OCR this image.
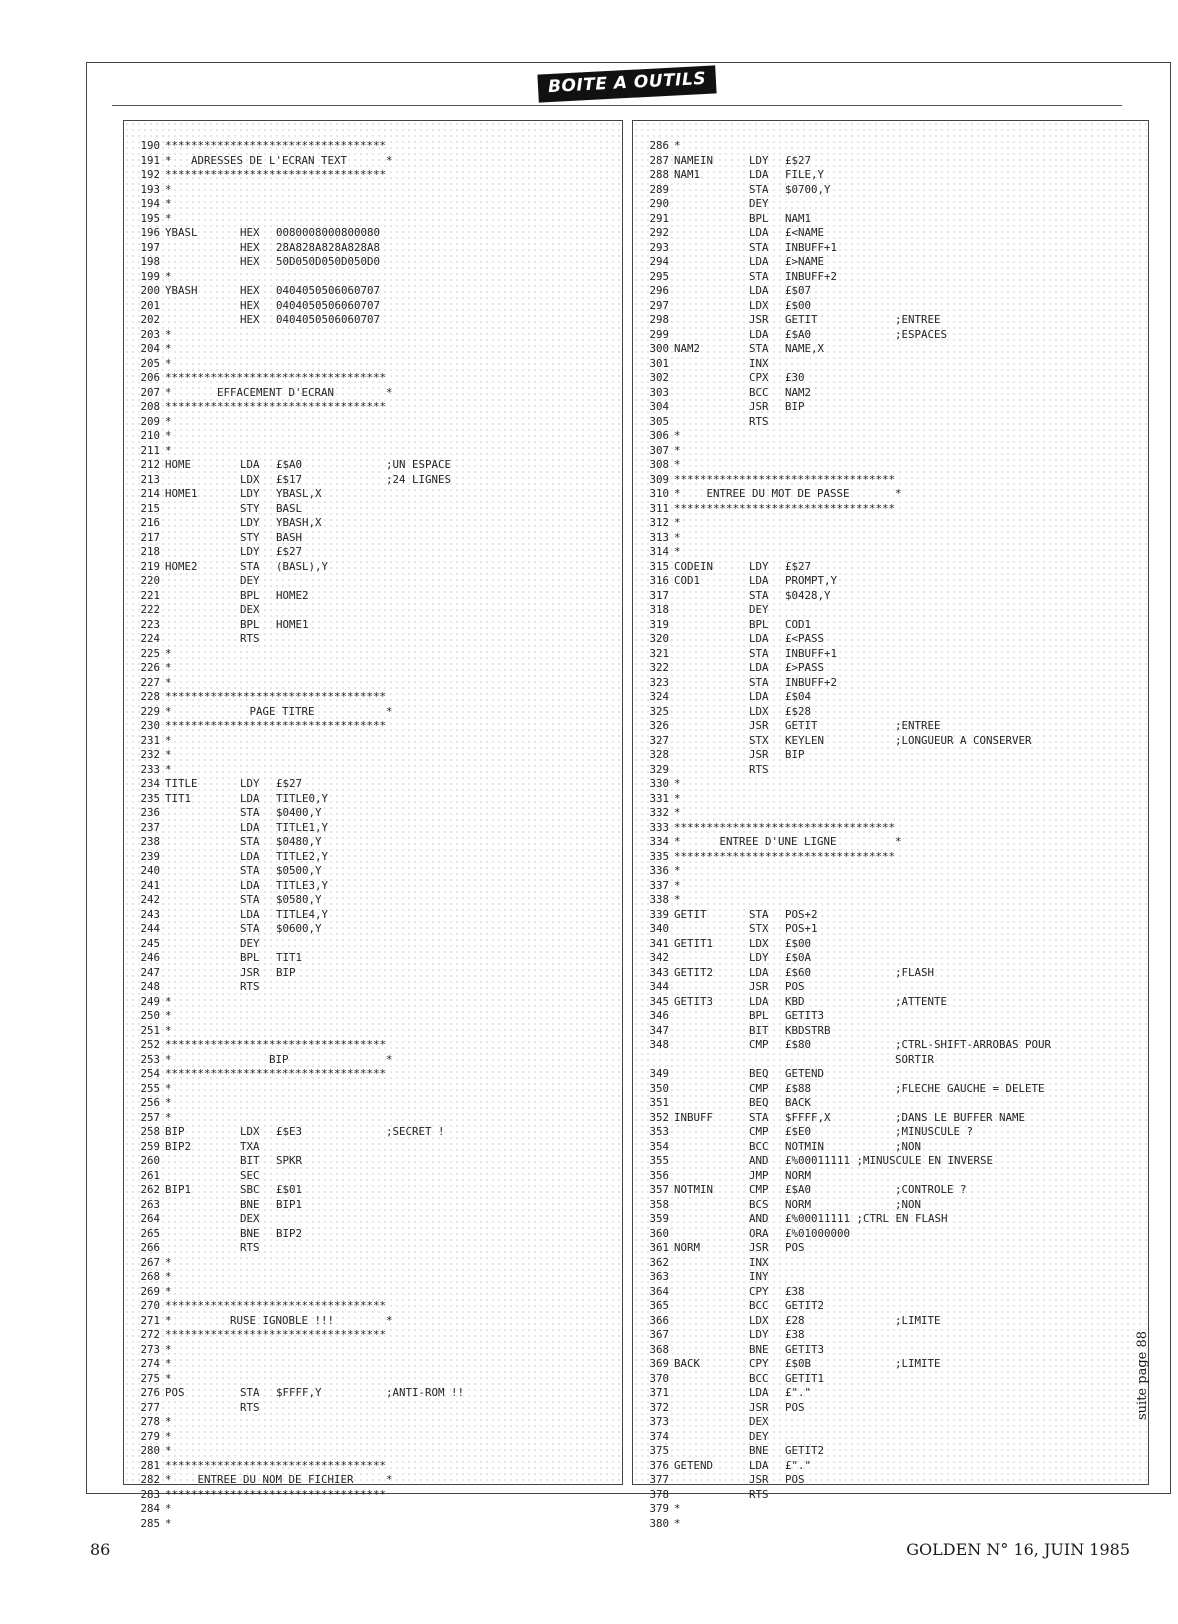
BOITE A OUTILS
190 **********************************
191 *   ADRESSES DE L'ECRAN TEXT      *
192 **********************************
193 *
194 *
195 *
196 YBASL	HEX 0080008000800080
197	HEX 28A828A828A828A8
198	HEX 50D050D050D050D0
199 *
200 YBASH	HEX 0404050506060707
201	HEX 0404050506060707
202	HEX 0404050506060707
203 *
204 *
205 *
206 **********************************
207 *       EFFACEMENT D'ECRAN        *
208 **********************************
209 *
210 *
211 *
212 HOME	LDA £$A0	;UN ESPACE
213	LDX £$17	;24 LIGNES
214 HOME1	LDY YBASL,X
215	STY BASL
216	LDY YBASH,X
217	STY BASH
218	LDY £$27
219 HOME2	STA (BASL),Y
220	DEY
221	BPL HOME2
222	DEX
223	BPL HOME1
224	RTS
225 *
226 *
227 *
228 **********************************
229 *            PAGE TITRE           *
230 **********************************
231 *
232 *
233 *
234 TITLE	LDY £$27
235 TIT1	LDA TITLE0,Y
236	STA $0400,Y
237	LDA TITLE1,Y
238	STA $0480,Y
239	LDA TITLE2,Y
240	STA $0500,Y
241	LDA TITLE3,Y
242	STA $0580,Y
243	LDA TITLE4,Y
244	STA $0600,Y
245	DEY
246	BPL TIT1
247	JSR BIP
248	RTS
249 *
250 *
251 *
252 **********************************
253 *               BIP               *
254 **********************************
255 *
256 *
257 *
258 BIP	LDX £$E3	;SECRET !
259 BIP2	TXA
260	BIT SPKR
261	SEC
262 BIP1	SBC £$01
263	BNE BIP1
264	DEX
265	BNE BIP2
266	RTS
267 *
268 *
269 *
270 **********************************
271 *         RUSE IGNOBLE !!!        *
272 **********************************
273 *
274 *
275 *
276 POS	STA $FFFF,Y	;ANTI-ROM !!
277	RTS
278 *
279 *
280 *
281 **********************************
282 *    ENTREE DU NOM DE FICHIER     *
283 **********************************
284 *
285 *
286 *
287 NAMEIN	LDY £$27
288 NAM1	LDA FILE,Y
289	STA $0700,Y
290	DEY
291	BPL NAM1
292	LDA £<NAME
293	STA INBUFF+1
294	LDA £>NAME
295	STA INBUFF+2
296	LDA £$07
297	LDX £$00
298	JSR GETIT	;ENTREE
299	LDA £$A0	;ESPACES
300 NAM2	STA NAME,X
301	INX
302	CPX £30
303	BCC NAM2
304	JSR BIP
305	RTS
306 *
307 *
308 *
309 **********************************
310 *    ENTREE DU MOT DE PASSE       *
311 **********************************
312 *
313 *
314 *
315 CODEIN	LDY £$27
316 COD1	LDA PROMPT,Y
317	STA $0428,Y
318	DEY
319	BPL COD1
320	LDA £<PASS
321	STA INBUFF+1
322	LDA £>PASS
323	STA INBUFF+2
324	LDA £$04
325	LDX £$28
326	JSR GETIT	;ENTREE
327	STX KEYLEN	;LONGUEUR A CONSERVER
328	JSR BIP
329	RTS
330 *
331 *
332 *
333 **********************************
334 *      ENTREE D'UNE LIGNE         *
335 **********************************
336 *
337 *
338 *
339 GETIT	STA POS+2
340	STX POS+1
341 GETIT1	LDX £$00
342	LDY £$0A
343 GETIT2	LDA £$60	;FLASH
344	JSR POS
345 GETIT3	LDA KBD	;ATTENTE
346	BPL GETIT3
347	BIT KBDSTRB
348	CMP £$80	;CTRL-SHIFT-ARROBAS POUR
SORTIR
349	BEQ GETEND
350	CMP £$88	;FLECHE GAUCHE = DELETE
351	BEQ BACK
352 INBUFF	STA $FFFF,X	;DANS LE BUFFER NAME
353	CMP £$E0	;MINUSCULE ?
354	BCC NOTMIN	;NON
355	AND £%00011111 ;MINUSCULE EN INVERSE
356	JMP NORM
357 NOTMIN	CMP £$A0	;CONTROLE ?
358	BCS NORM	;NON
359	AND £%00011111 ;CTRL EN FLASH
360	ORA £%01000000
361 NORM	JSR POS
362	INX
363	INY
364	CPY £38
365	BCC GETIT2
366	LDX £28	;LIMITE
367	LDY £38
368	BNE GETIT3
369 BACK	CPY £$0B	;LIMITE
370	BCC GETIT1
371	LDA £"."
372	JSR POS
373	DEX
374	DEY
375	BNE GETIT2
376 GETEND	LDA £"."
377	JSR POS
378	RTS
379 *
380 *
86	GOLDEN N° 16, JUIN 1985
suite page 88
